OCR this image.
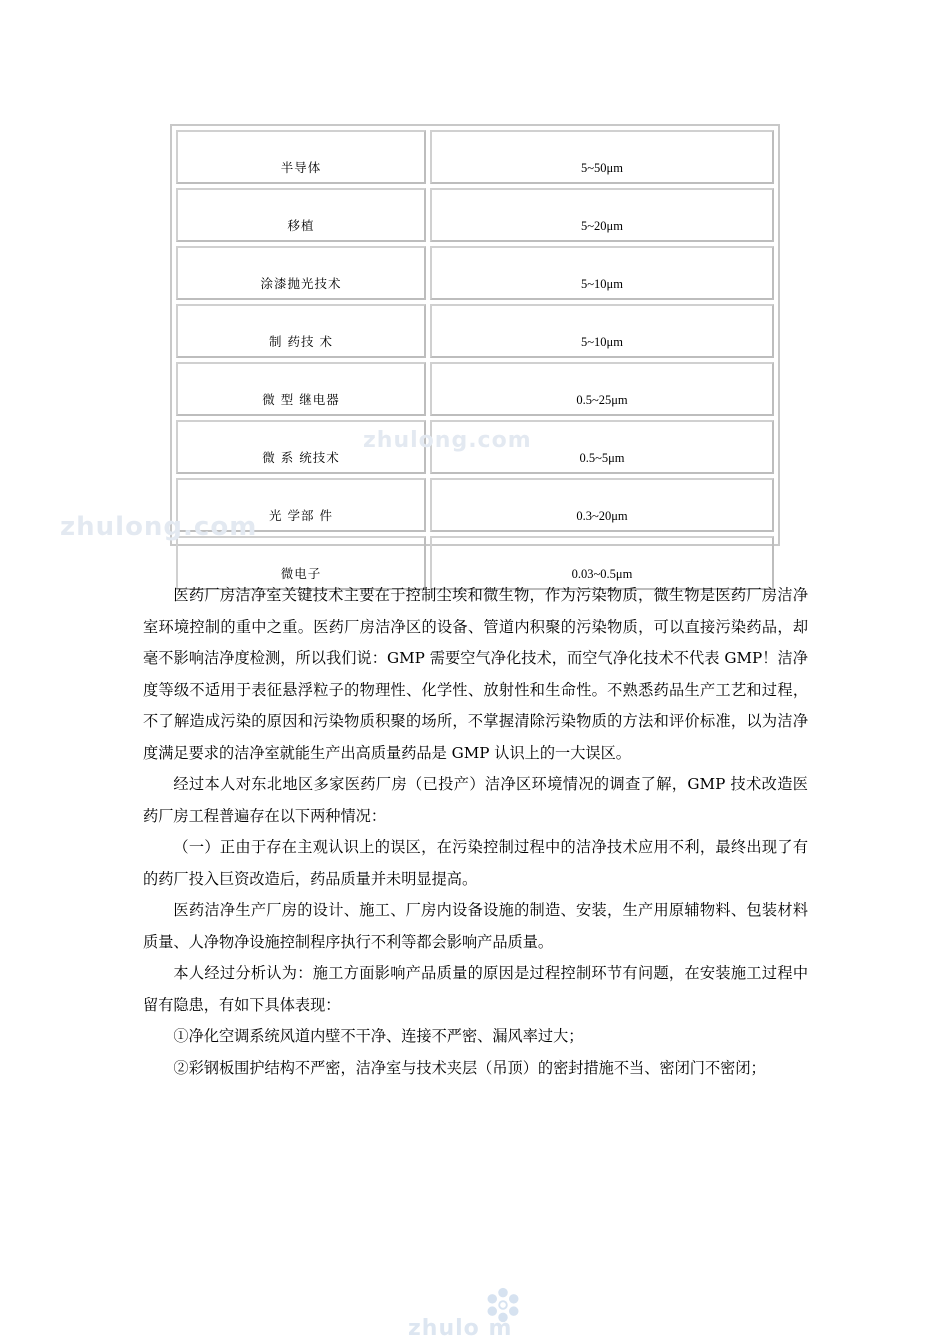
半导体	5~50μm
移植	5~20μm
涂漆抛光技术	5~10μm
制 药技 术	5~10μm
微 型 继电器	0.5~25μm
微 系 统技术	0.5~5μm
光 学部 件	0.3~20μm
微电子	0.03~0.5μm
zhulong.com
zhulong.com

医药厂房洁净室关键技术主要在于控制尘埃和微生物，作为污染物质，微生物是医药厂房洁净室环境控制的重中之重。医药厂房洁净区的设备、管道内积聚的污染物质，可以直接污染药品，却毫不影响洁净度检测，所以我们说：GMP 需要空气净化技术，而空气净化技术不代表 GMP！洁净度等级不适用于表征悬浮粒子的物理性、化学性、放射性和生命性。不熟悉药品生产工艺和过程，不了解造成污染的原因和污染物质积聚的场所，不掌握清除污染物质的方法和评价标准，以为洁净度满足要求的洁净室就能生产出高质量药品是 GMP 认识上的一大误区。

经过本人对东北地区多家医药厂房（已投产）洁净区环境情况的调查了解，GMP 技术改造医药厂房工程普遍存在以下两种情况：

（一）正由于存在主观认识上的误区，在污染控制过程中的洁净技术应用不利，最终出现了有的药厂投入巨资改造后，药品质量并未明显提高。

医药洁净生产厂房的设计、施工、厂房内设备设施的制造、安装，生产用原辅物料、包装材料质量、人净物净设施控制程序执行不利等都会影响产品质量。

本人经过分析认为：施工方面影响产品质量的原因是过程控制环节有问题，在安装施工过程中留有隐患，有如下具体表现：

①净化空调系统风道内壁不干净、连接不严密、漏风率过大；

②彩钢板围护结构不严密，洁净室与技术夹层（吊顶）的密封措施不当、密闭门不密闭；

zhulo m
